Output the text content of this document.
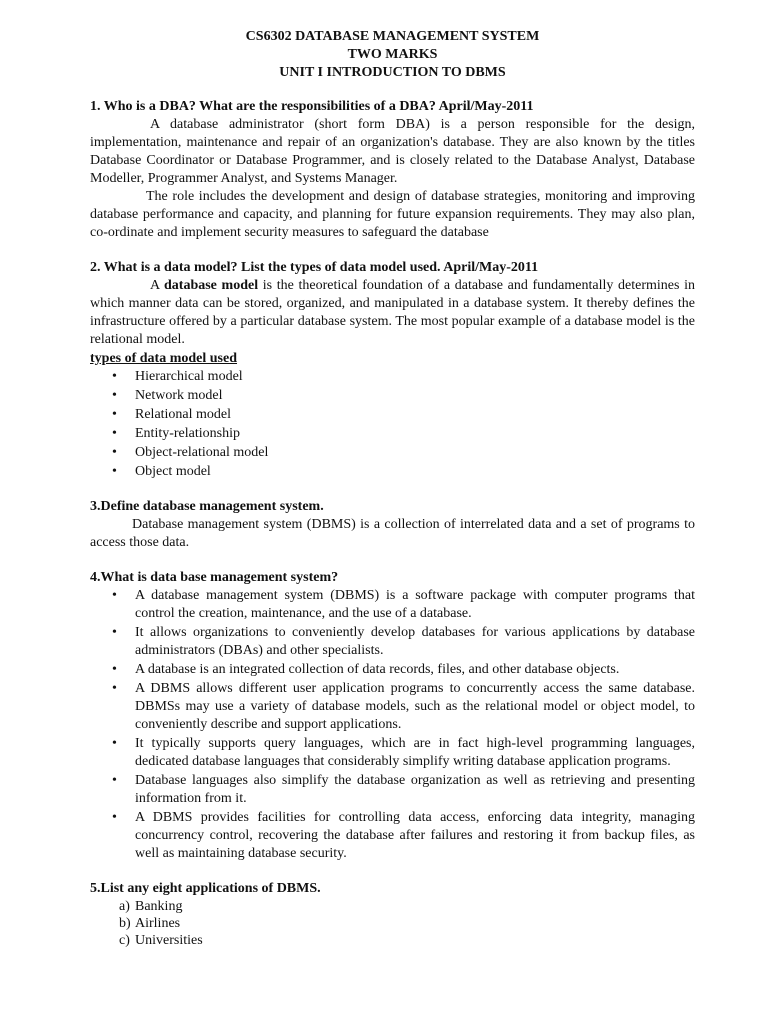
CS6302 DATABASE MANAGEMENT SYSTEM
TWO MARKS
UNIT I INTRODUCTION TO DBMS
1. Who is a DBA? What are the responsibilities of a DBA? April/May-2011

A database administrator (short form DBA) is a person responsible for the design, implementation, maintenance and repair of an organization's database. They are also known by the titles Database Coordinator or Database Programmer, and is closely related to the Database Analyst, Database Modeller, Programmer Analyst, and Systems Manager.

The role includes the development and design of database strategies, monitoring and improving database performance and capacity, and planning for future expansion requirements. They may also plan, co-ordinate and implement security measures to safeguard the database

2. What is a data model? List the types of data model used. April/May-2011

A database model is the theoretical foundation of a database and fundamentally determines in which manner data can be stored, organized, and manipulated in a database system. It thereby defines the infrastructure offered by a particular database system. The most popular example of a database model is the relational model.

types of data model used
• Hierarchical model
• Network model
• Relational model
• Entity-relationship
• Object-relational model
• Object model
3.Define database management system.

Database management system (DBMS) is a collection of interrelated data and a set of programs to access those data.

4.What is data base management system?
• A database management system (DBMS) is a software package with computer programs that control the creation, maintenance, and the use of a database.
• It allows organizations to conveniently develop databases for various applications by database administrators (DBAs) and other specialists.
• A database is an integrated collection of data records, files, and other database objects.
• A DBMS allows different user application programs to concurrently access the same database. DBMSs may use a variety of database models, such as the relational model or object model, to conveniently describe and support applications.
• It typically supports query languages, which are in fact high-level programming languages, dedicated database languages that considerably simplify writing database application programs.
• Database languages also simplify the database organization as well as retrieving and presenting information from it.
• A DBMS provides facilities for controlling data access, enforcing data integrity, managing concurrency control, recovering the database after failures and restoring it from backup files, as well as maintaining database security.
5.List any eight applications of DBMS.
a) Banking
b) Airlines
c) Universities
